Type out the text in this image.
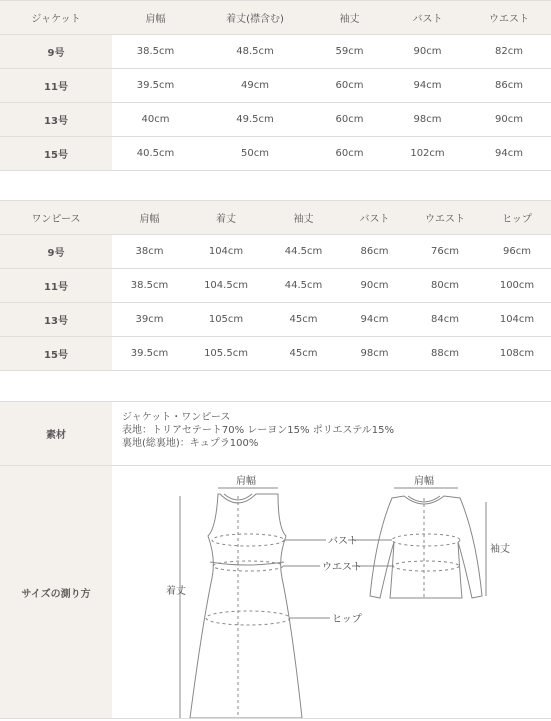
ジャケット	肩幅	着丈(襟含む)	袖丈	バスト	ウエスト
9号	38.5cm	48.5cm	59cm	90cm	82cm
11号	39.5cm	49cm	60cm	94cm	86cm
13号	40cm	49.5cm	60cm	98cm	90cm
15号	40.5cm	50cm	60cm	102cm	94cm
ワンピース	肩幅	着丈	袖丈	バスト	ウエスト	ヒップ
9号	38cm	104cm	44.5cm	86cm	76cm	96cm
11号	38.5cm	104.5cm	44.5cm	90cm	80cm	100cm
13号	39cm	105cm	45cm	94cm	84cm	104cm
15号	39.5cm	105.5cm	45cm	98cm	88cm	108cm
素材
ジャケット・ワンピース
表地：トリアセテート70% レーヨン15% ポリエステル15%
裏地(総裏地)：キュプラ100%
サイズの測り方
肩幅	肩幅
バスト
ウエスト
ヒップ
着丈
袖丈
